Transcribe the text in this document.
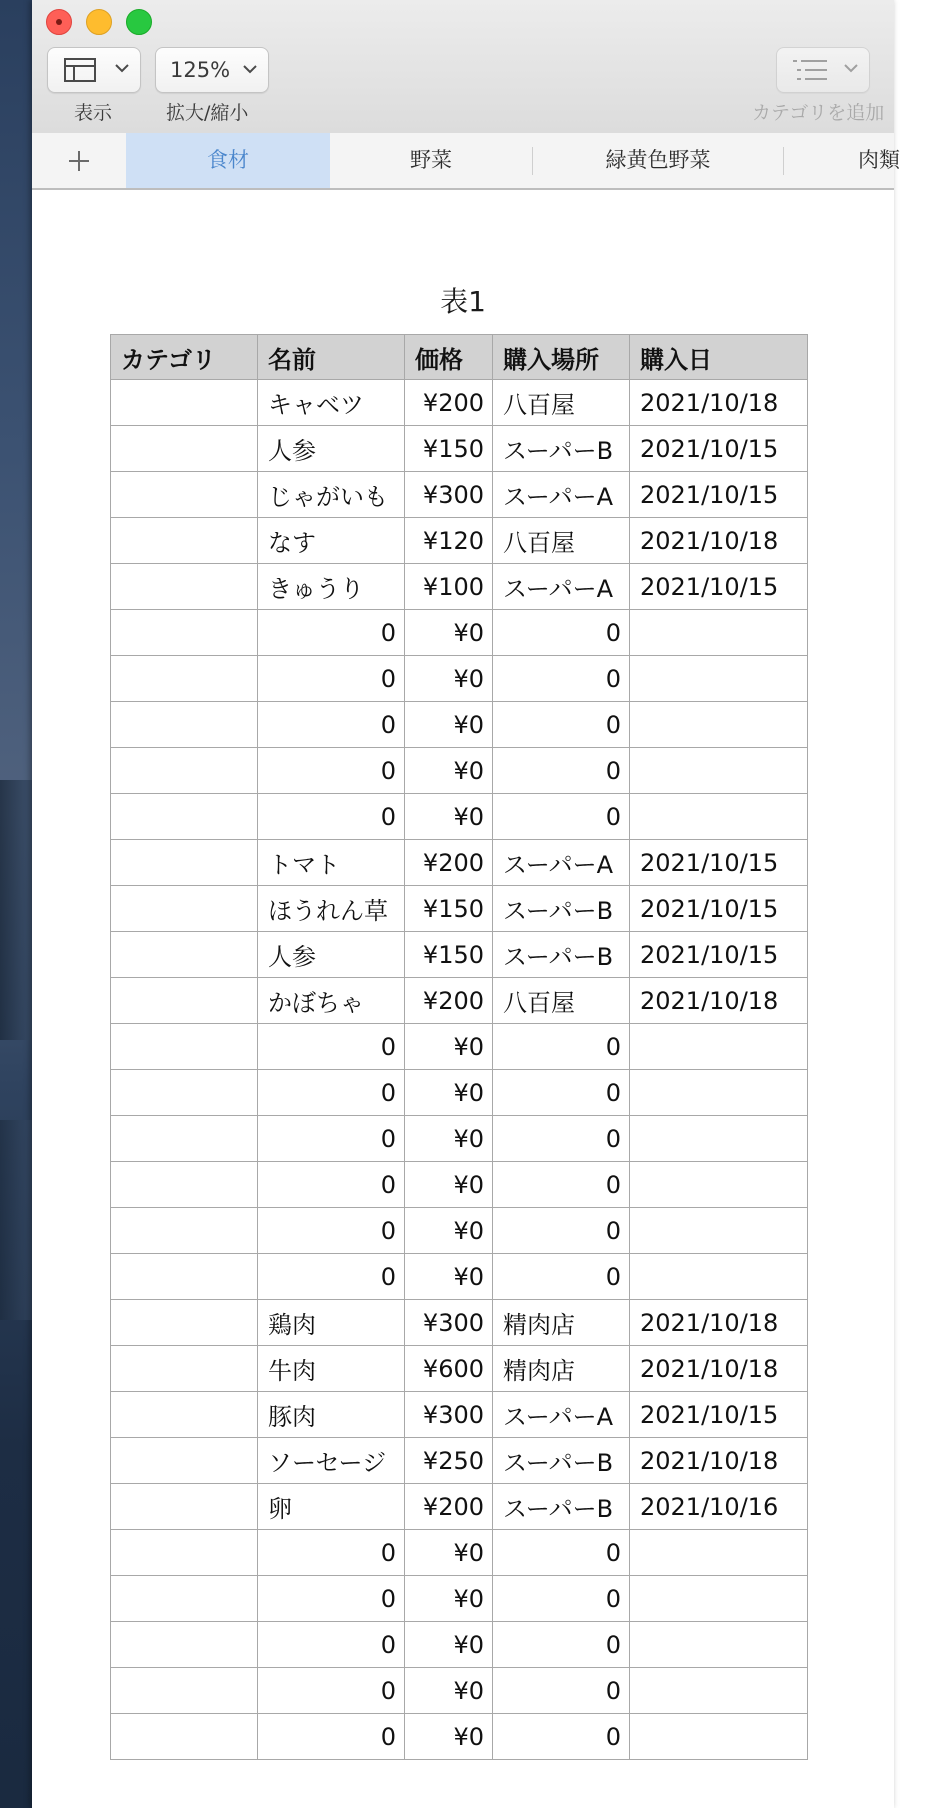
表示
125%
拡大/縮小	カテゴリを追加
食材	野菜	緑黄色野菜	肉類
表1
カテゴリ	名前	価格	購入場所	購入日
	キャベツ	¥200	八百屋	2021/10/18
	人参	¥150	スーパーB	2021/10/15
	じゃがいも	¥300	スーパーA	2021/10/15
	なす	¥120	八百屋	2021/10/18
	きゅうり	¥100	スーパーA	2021/10/15
	0	¥0	0	
	0	¥0	0	
	0	¥0	0	
	0	¥0	0	
	0	¥0	0	
	トマト	¥200	スーパーA	2021/10/15
	ほうれん草	¥150	スーパーB	2021/10/15
	人参	¥150	スーパーB	2021/10/15
	かぼちゃ	¥200	八百屋	2021/10/18
	0	¥0	0	
	0	¥0	0	
	0	¥0	0	
	0	¥0	0	
	0	¥0	0	
	0	¥0	0	
	鶏肉	¥300	精肉店	2021/10/18
	牛肉	¥600	精肉店	2021/10/18
	豚肉	¥300	スーパーA	2021/10/15
	ソーセージ	¥250	スーパーB	2021/10/18
	卵	¥200	スーパーB	2021/10/16
	0	¥0	0	
	0	¥0	0	
	0	¥0	0	
	0	¥0	0	
	0	¥0	0	
